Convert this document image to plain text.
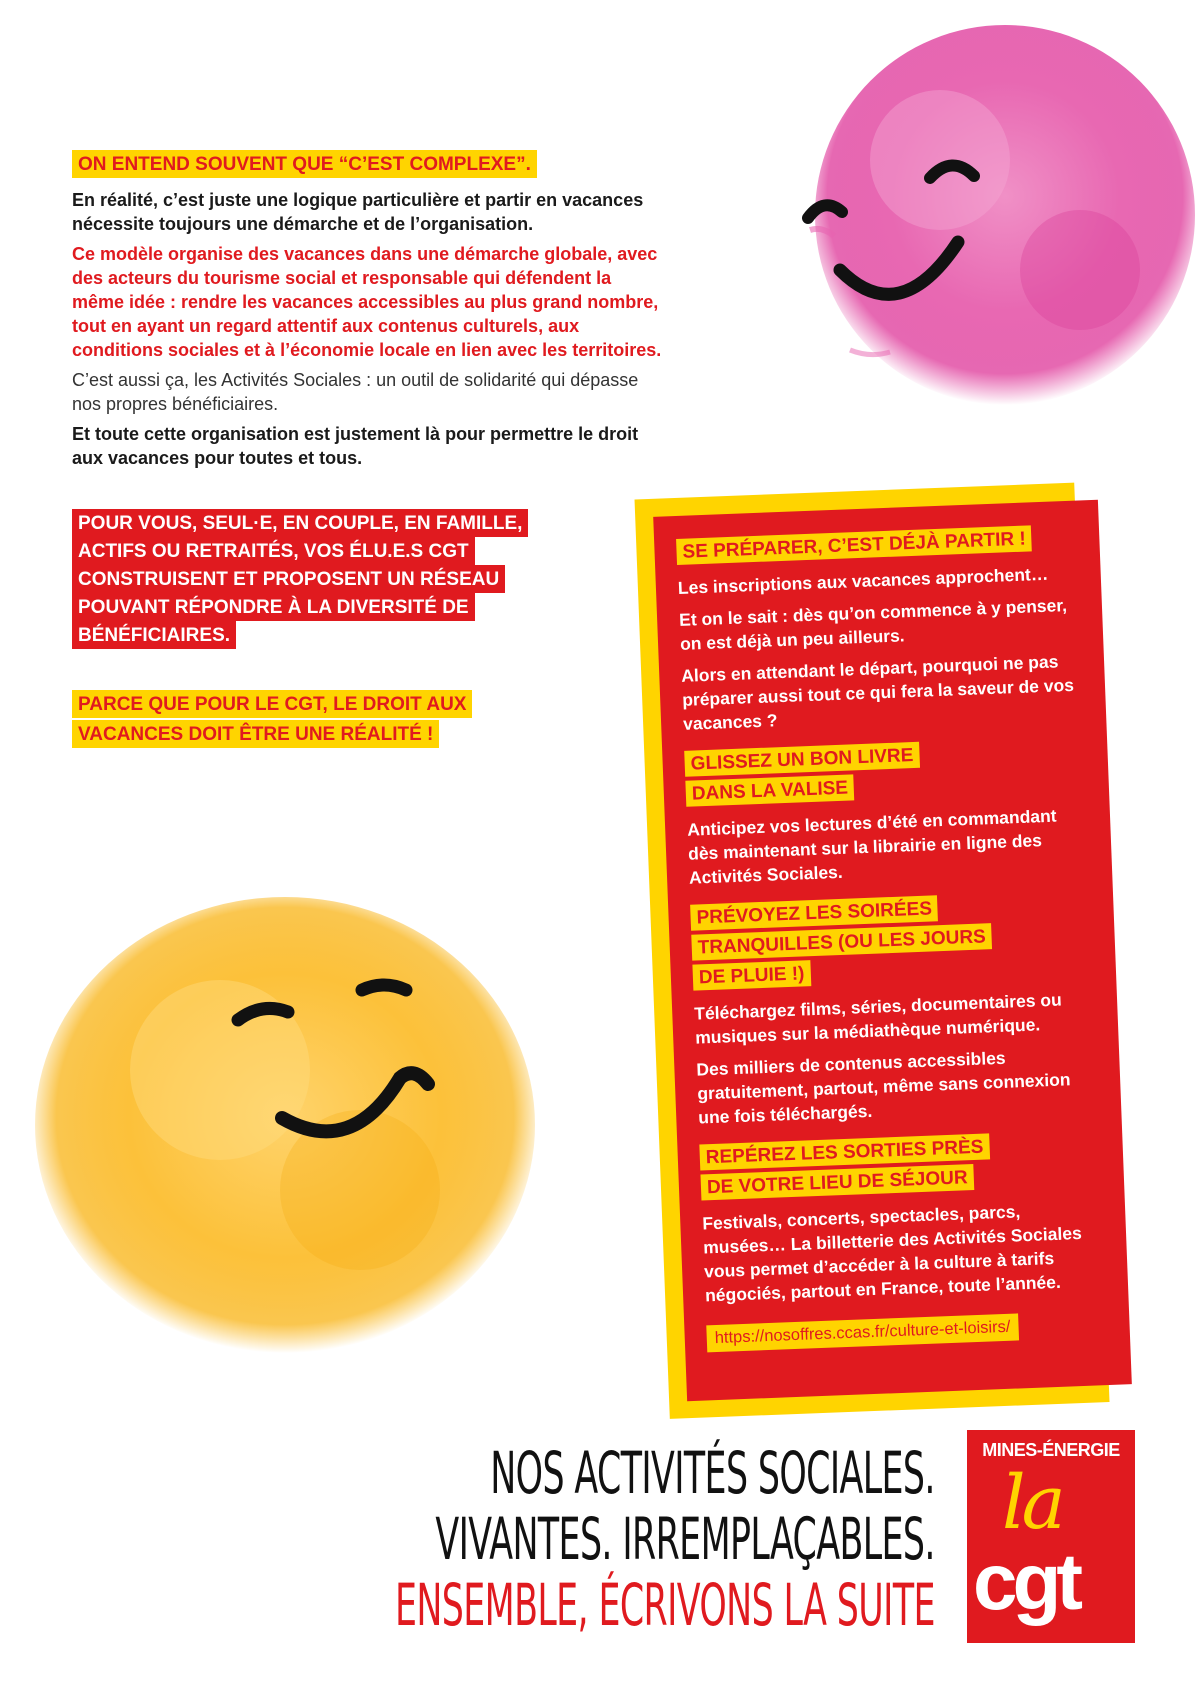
ON ENTEND SOUVENT QUE “C’EST COMPLEXE”.

En réalité, c’est juste une logique particulière et partir en vacances nécessite toujours une démarche et de l’organisation.

Ce modèle organise des vacances dans une démarche globale, avec des acteurs du tourisme social et responsable qui défendent la même idée : rendre les vacances accessibles au plus grand nombre, tout en ayant un regard attentif aux contenus culturels, aux conditions sociales et à l’économie locale en lien avec les territoires.

C’est aussi ça, les Activités Sociales : un outil de solidarité qui dépasse nos propres bénéficiaires.

Et toute cette organisation est justement là pour permettre le droit aux vacances pour toutes et tous.

POUR VOUS, SEUL·E, EN COUPLE, EN FAMILLE, ACTIFS OU RETRAITÉS, VOS ÉLU.E.S CGT CONSTRUISENT ET PROPOSENT UN RÉSEAU POUVANT RÉPONDRE À LA DIVERSITÉ DE BÉNÉFICIAIRES.
PARCE QUE POUR LE CGT, LE DROIT AUX VACANCES DOIT ÊTRE UNE RÉALITÉ !
SE PRÉPARER, C’EST DÉJÀ PARTIR !

Les inscriptions aux vacances approchent…

Et on le sait : dès qu’on commence à y penser, on est déjà un peu ailleurs.

Alors en attendant le départ, pourquoi ne pas préparer aussi tout ce qui fera la saveur de vos vacances ?

GLISSEZ UN BON LIVRE DANS LA VALISE

Anticipez vos lectures d’été en commandant dès maintenant sur la librairie en ligne des Activités Sociales.

PRÉVOYEZ LES SOIRÉES TRANQUILLES (OU LES JOURS DE PLUIE !)

Téléchargez films, séries, documentaires ou musiques sur la médiathèque numérique.

Des milliers de contenus accessibles gratuitement, partout, même sans connexion une fois téléchargés.

REPÉREZ LES SORTIES PRÈS DE VOTRE LIEU DE SÉJOUR

Festivals, concerts, spectacles, parcs, musées… La billetterie des Activités Sociales vous permet d’accéder à la culture à tarifs négociés, partout en France, toute l’année.

https://nosoffres.ccas.fr/culture-et-loisirs/
NOS ACTIVITÉS SOCIALES.
VIVANTES. IRREMPLAÇABLES.
ENSEMBLE, ÉCRIVONS LA SUITE
MINES-ÉNERGIE
la
cgt
